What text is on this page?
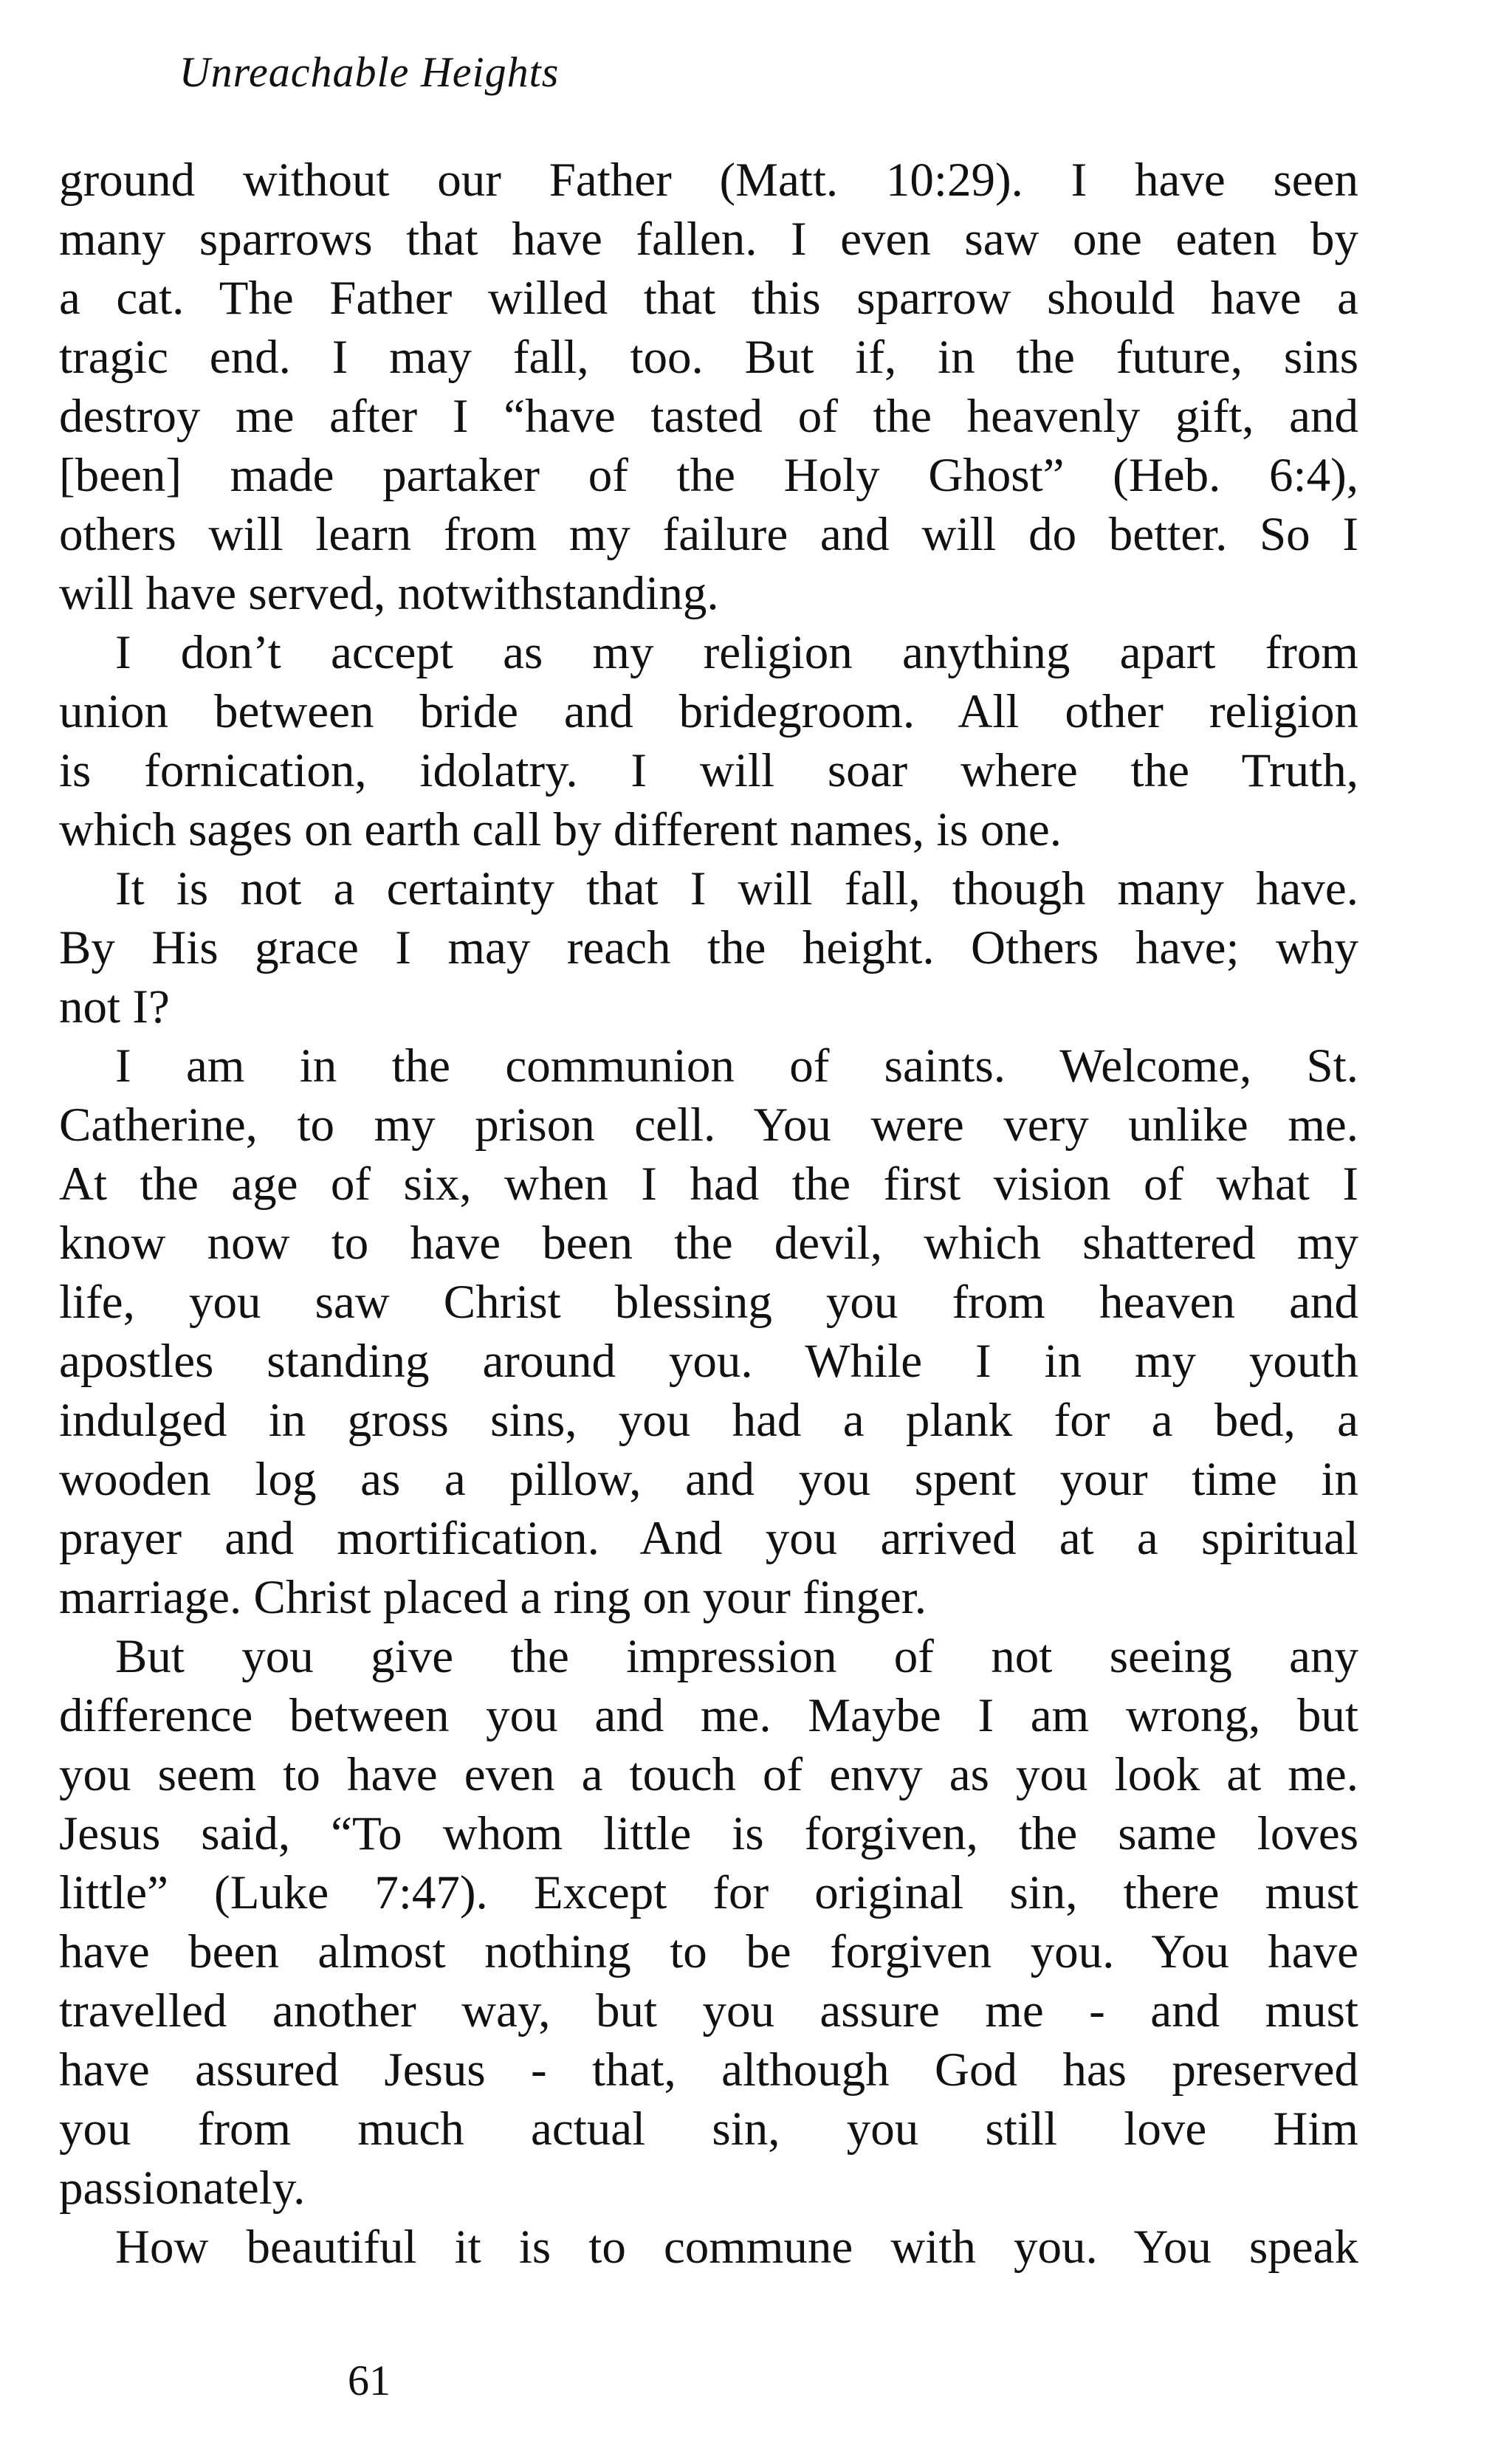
Unreachable Heights

ground without our Father (Matt. 10:29). I have seen
many sparrows that have fallen. I even saw one eaten by
a cat. The Father willed that this sparrow should have a
tragic end. I may fall, too. But if, in the future, sins
destroy me after I “have tasted of the heavenly gift, and
[been] made partaker of the Holy Ghost” (Heb. 6:4),
others will learn from my failure and will do better. So I
will have served, notwithstanding.

I don’t accept as my religion anything apart from
union between bride and bridegroom. All other religion
is fornication, idolatry. I will soar where the Truth,
which sages on earth call by different names, is one.

It is not a certainty that I will fall, though many have.
By His grace I may reach the height. Others have; why
not I?

I am in the communion of saints. Welcome, St.
Catherine, to my prison cell. You were very unlike me.
At the age of six, when I had the first vision of what I
know now to have been the devil, which shattered my
life, you saw Christ blessing you from heaven and
apostles standing around you. While I in my youth
indulged in gross sins, you had a plank for a bed, a
wooden log as a pillow, and you spent your time in
prayer and mortification. And you arrived at a spiritual
marriage. Christ placed a ring on your finger.

But you give the impression of not seeing any
difference between you and me. Maybe I am wrong, but
you seem to have even a touch of envy as you look at me.
Jesus said, “To whom little is forgiven, the same loves
little” (Luke 7:47). Except for original sin, there must
have been almost nothing to be forgiven you. You have
travelled another way, but you assure me - and must
have assured Jesus - that, although God has preserved
you from much actual sin, you still love Him
passionately.

How beautiful it is to commune with you. You speak

61
